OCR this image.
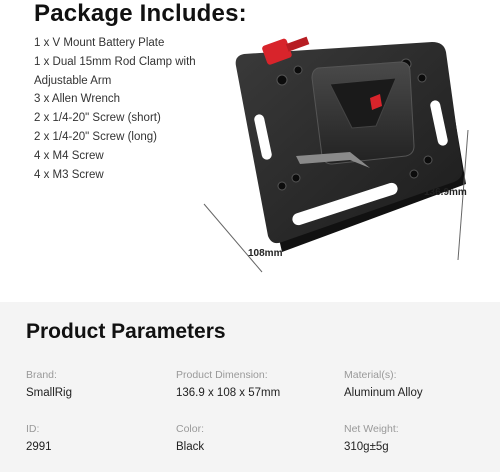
Package Includes:
1 x V Mount Battery Plate
1 x Dual 15mm Rod Clamp with
Adjustable Arm
3 x Allen Wrench
2 x 1/4-20" Screw (short)
2 x 1/4-20" Screw (long)
4 x M4 Screw
4 x M3 Screw
136.9mm
108mm
Product Parameters
Brand:
SmallRig
Product Dimension:
136.9 x 108 x 57mm
Material(s):
Aluminum Alloy
ID:
2991
Color:
Black
Net Weight:
310g±5g
